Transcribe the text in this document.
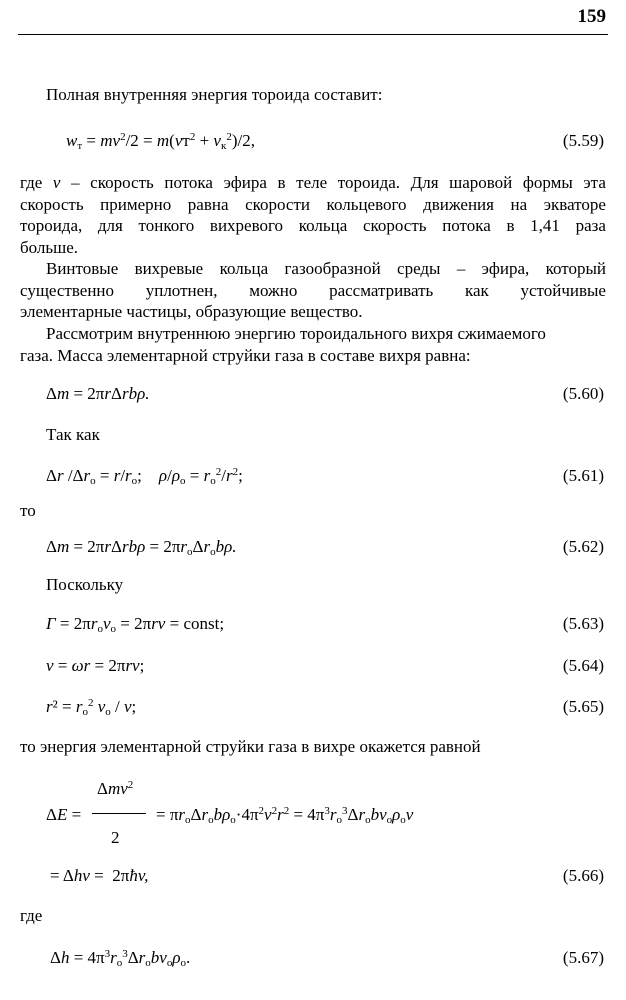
159
Полная внутренняя энергия тороида составит:
$w_т = mv^2/2 = m(vт^2 + v_к^2)/2$,	(5.59)
где v – скорость потока эфира в теле тороида. Для шаровой формы эта
скорость примерно равна скорости кольцевого движения на экваторе
тороида, для тонкого вихревого кольца скорость потока в 1,41 раза
больше.
Винтовые вихревые кольца газообразной среды – эфира, который
существенно уплотнен, можно рассматривать как устойчивые
элементарные частицы, образующие вещество.
Рассмотрим внутреннюю энергию тороидального вихря сжимаемого
газа. Масса элементарной струйки газа в составе вихря равна:
Δm = 2πrΔrbρ.	(5.60)
Так как
Δr $/\Delta r_o = r/r_o$;    $\rho/\rho_o = r_o^2/r^2$;	(5.61)
то
$\Delta m = 2\pi r\Delta rb\rho = 2\pi r_o\Delta r_ob\rho$.	(5.62)
Поскольку
$Г = 2\pi r_ov_o = 2\pi rv$ = const;	(5.63)
v = ωr = 2πrv;	(5.64)
$r^2 = r_o^2$ $v_o$ / v;	(5.65)
то энергия элементарной струйки газа в вихре окажется равной
Δmv$^2$
ΔE =	= $\pi r_o\Delta r_ob\rho_o\cdot 4\pi^2v^2r^2 = 4\pi^3r_o^3\Delta r_obv_o\rho_ov$
2
= Δhv =  2πħv,	(5.66)
где
$\Delta h = 4\pi^3r_o^3\Delta r_obv_o\rho_o$.	(5.67)
